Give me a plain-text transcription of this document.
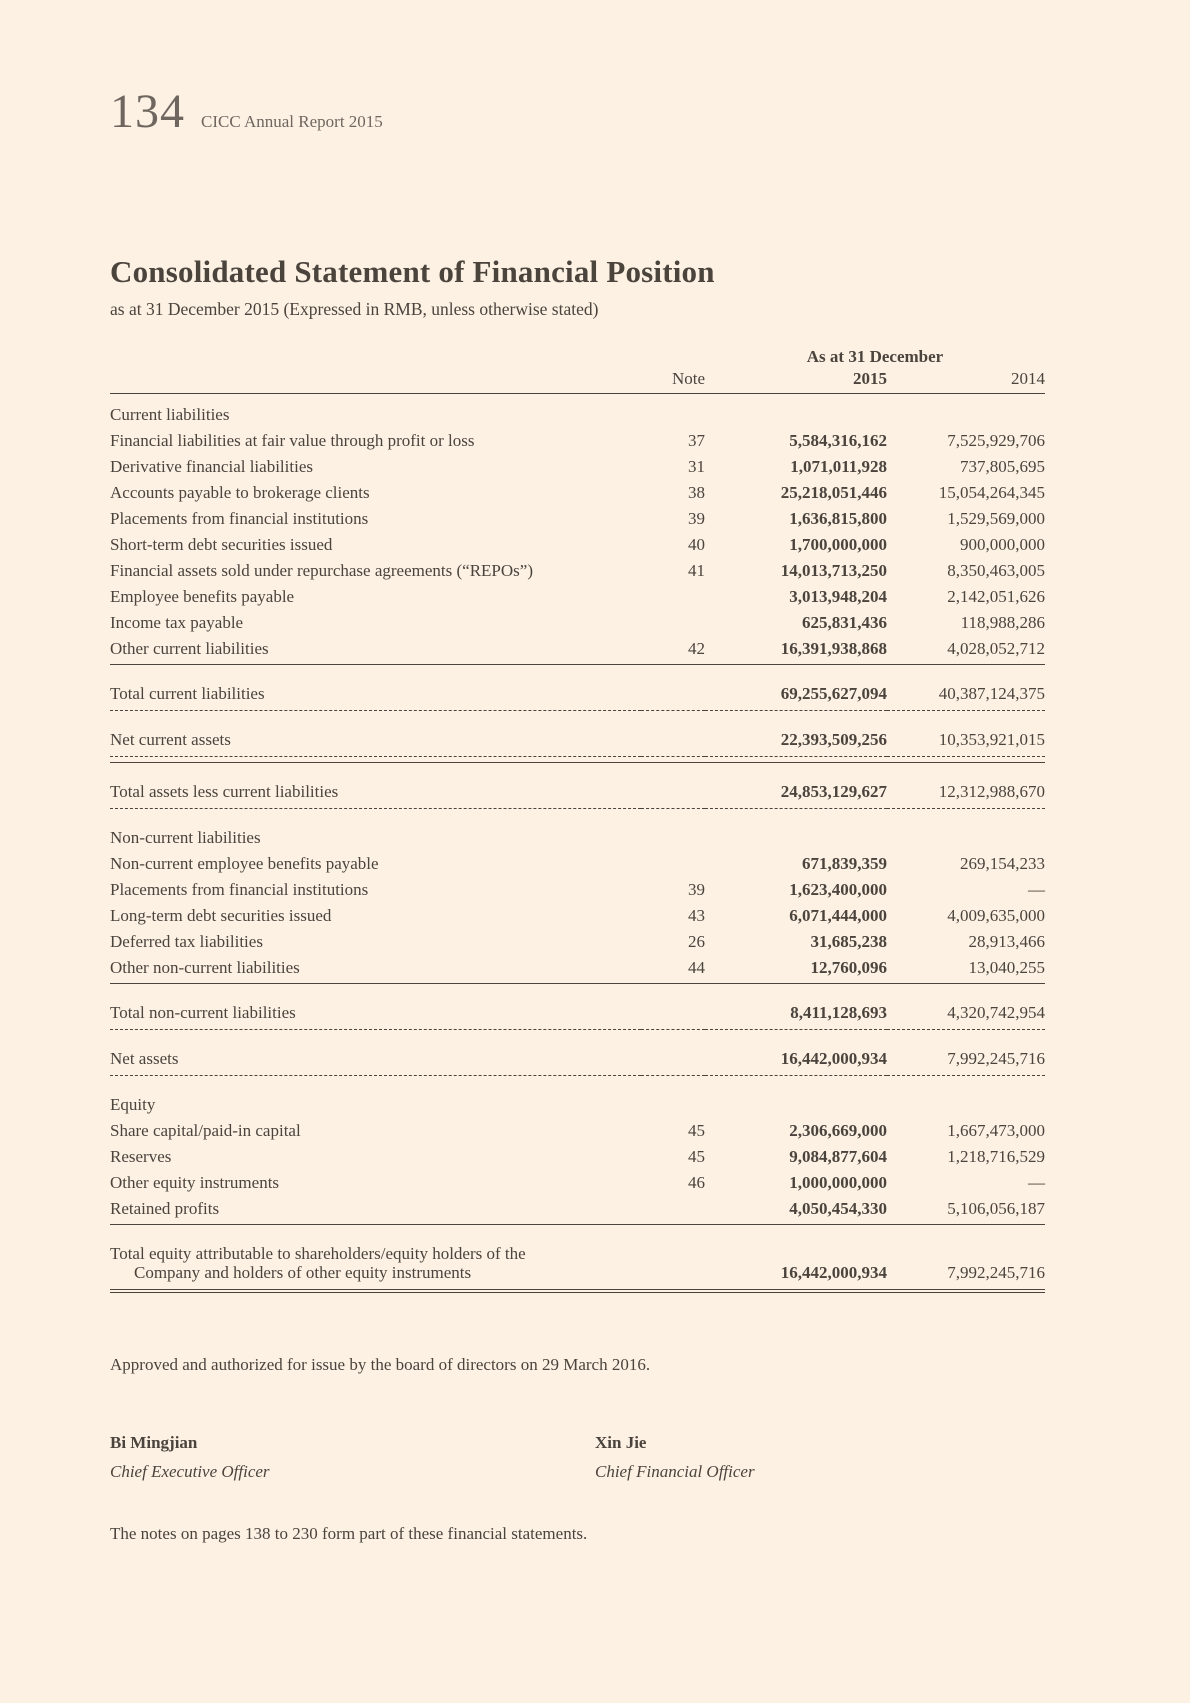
134 CICC Annual Report 2015
Consolidated Statement of Financial Position

as at 31 December 2015 (Expressed in RMB, unless otherwise stated)

		As at 31 December	
	Note	2015	2014
Current liabilities			
Financial liabilities at fair value through profit or loss	37	5,584,316,162	7,525,929,706
Derivative financial liabilities	31	1,071,011,928	737,805,695
Accounts payable to brokerage clients	38	25,218,051,446	15,054,264,345
Placements from financial institutions	39	1,636,815,800	1,529,569,000
Short-term debt securities issued	40	1,700,000,000	900,000,000
Financial assets sold under repurchase agreements (“REPOs”)	41	14,013,713,250	8,350,463,005
Employee benefits payable		3,013,948,204	2,142,051,626
Income tax payable		625,831,436	118,988,286
Other current liabilities	42	16,391,938,868	4,028,052,712
Total current liabilities		69,255,627,094	40,387,124,375
Net current assets		22,393,509,256	10,353,921,015

Total assets less current liabilities		24,853,129,627	12,312,988,670
Non-current liabilities			
Non-current employee benefits payable		671,839,359	269,154,233
Placements from financial institutions	39	1,623,400,000	—
Long-term debt securities issued	43	6,071,444,000	4,009,635,000
Deferred tax liabilities	26	31,685,238	28,913,466
Other non-current liabilities	44	12,760,096	13,040,255
Total non-current liabilities		8,411,128,693	4,320,742,954
Net assets		16,442,000,934	7,992,245,716
Equity			
Share capital/paid-in capital	45	2,306,669,000	1,667,473,000
Reserves	45	9,084,877,604	1,218,716,529
Other equity instruments	46	1,000,000,000	—
Retained profits		4,050,454,330	5,106,056,187

Total equity attributable to shareholders/equity holders of the
Company and holders of other equity instruments		16,442,000,934	7,992,245,716

Approved and authorized for issue by the board of directors on 29 March 2016.

Bi Mingjian
Chief Executive Officer
Xin Jie
Chief Financial Officer

The notes on pages 138 to 230 form part of these financial statements.
